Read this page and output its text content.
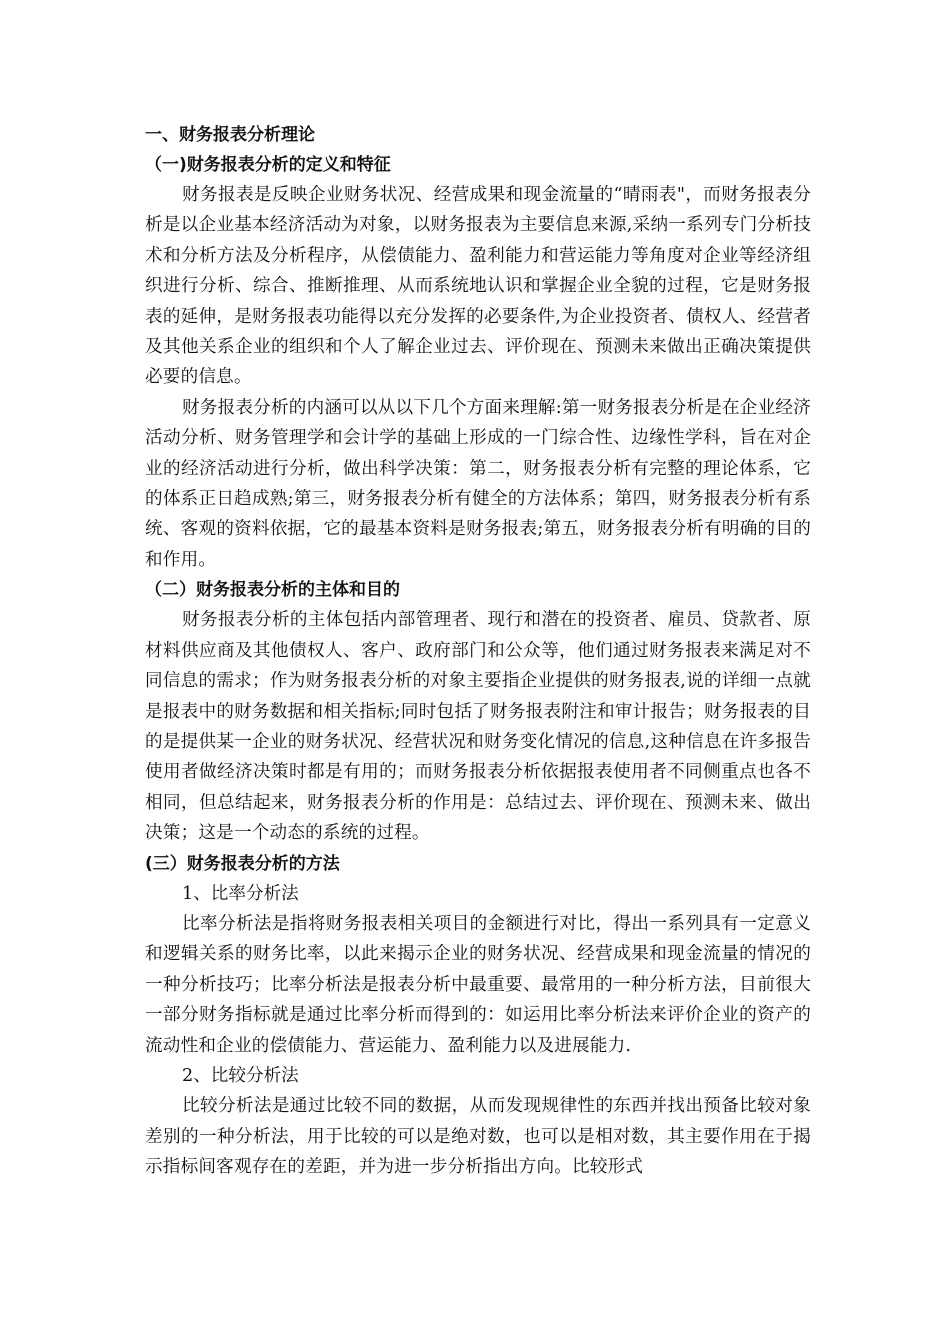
一、财务报表分析理论

（一)财务报表分析的定义和特征

财务报表是反映企业财务状况、经营成果和现金流量的“晴雨表"，而财务报表分析是以企业基本经济活动为对象，以财务报表为主要信息来源,采纳一系列专门分析技术和分析方法及分析程序，从偿债能力、盈利能力和营运能力等角度对企业等经济组织进行分析、综合、推断推理、从而系统地认识和掌握企业全貌的过程，它是财务报表的延伸，是财务报表功能得以充分发挥的必要条件,为企业投资者、债权人、经营者及其他关系企业的组织和个人了解企业过去、评价现在、预测未来做出正确决策提供必要的信息。

财务报表分析的内涵可以从以下几个方面来理解:第一财务报表分析是在企业经济活动分析、财务管理学和会计学的基础上形成的一门综合性、边缘性学科，旨在对企业的经济活动进行分析，做出科学决策：第二，财务报表分析有完整的理论体系，它的体系正日趋成熟;第三，财务报表分析有健全的方法体系；第四，财务报表分析有系统、客观的资料依据，它的最基本资料是财务报表;第五，财务报表分析有明确的目的和作用。

（二）财务报表分析的主体和目的

财务报表分析的主体包括内部管理者、现行和潜在的投资者、雇员、贷款者、原材料供应商及其他债权人、客户、政府部门和公众等，他们通过财务报表来满足对不同信息的需求；作为财务报表分析的对象主要指企业提供的财务报表,说的详细一点就是报表中的财务数据和相关指标;同时包括了财务报表附注和审计报告；财务报表的目的是提供某一企业的财务状况、经营状况和财务变化情况的信息,这种信息在许多报告使用者做经济决策时都是有用的；而财务报表分析依据报表使用者不同侧重点也各不相同，但总结起来，财务报表分析的作用是：总结过去、评价现在、预测未来、做出决策；这是一个动态的系统的过程。

(三）财务报表分析的方法

1、比率分析法

比率分析法是指将财务报表相关项目的金额进行对比，得出一系列具有一定意义和逻辑关系的财务比率，以此来揭示企业的财务状况、经营成果和现金流量的情况的一种分析技巧；比率分析法是报表分析中最重要、最常用的一种分析方法，目前很大一部分财务指标就是通过比率分析而得到的：如运用比率分析法来评价企业的资产的流动性和企业的偿债能力、营运能力、盈利能力以及进展能力.

2、比较分析法

比较分析法是通过比较不同的数据，从而发现规律性的东西并找出预备比较对象差别的一种分析法，用于比较的可以是绝对数，也可以是相对数，其主要作用在于揭示指标间客观存在的差距，并为进一步分析指出方向。比较形式
